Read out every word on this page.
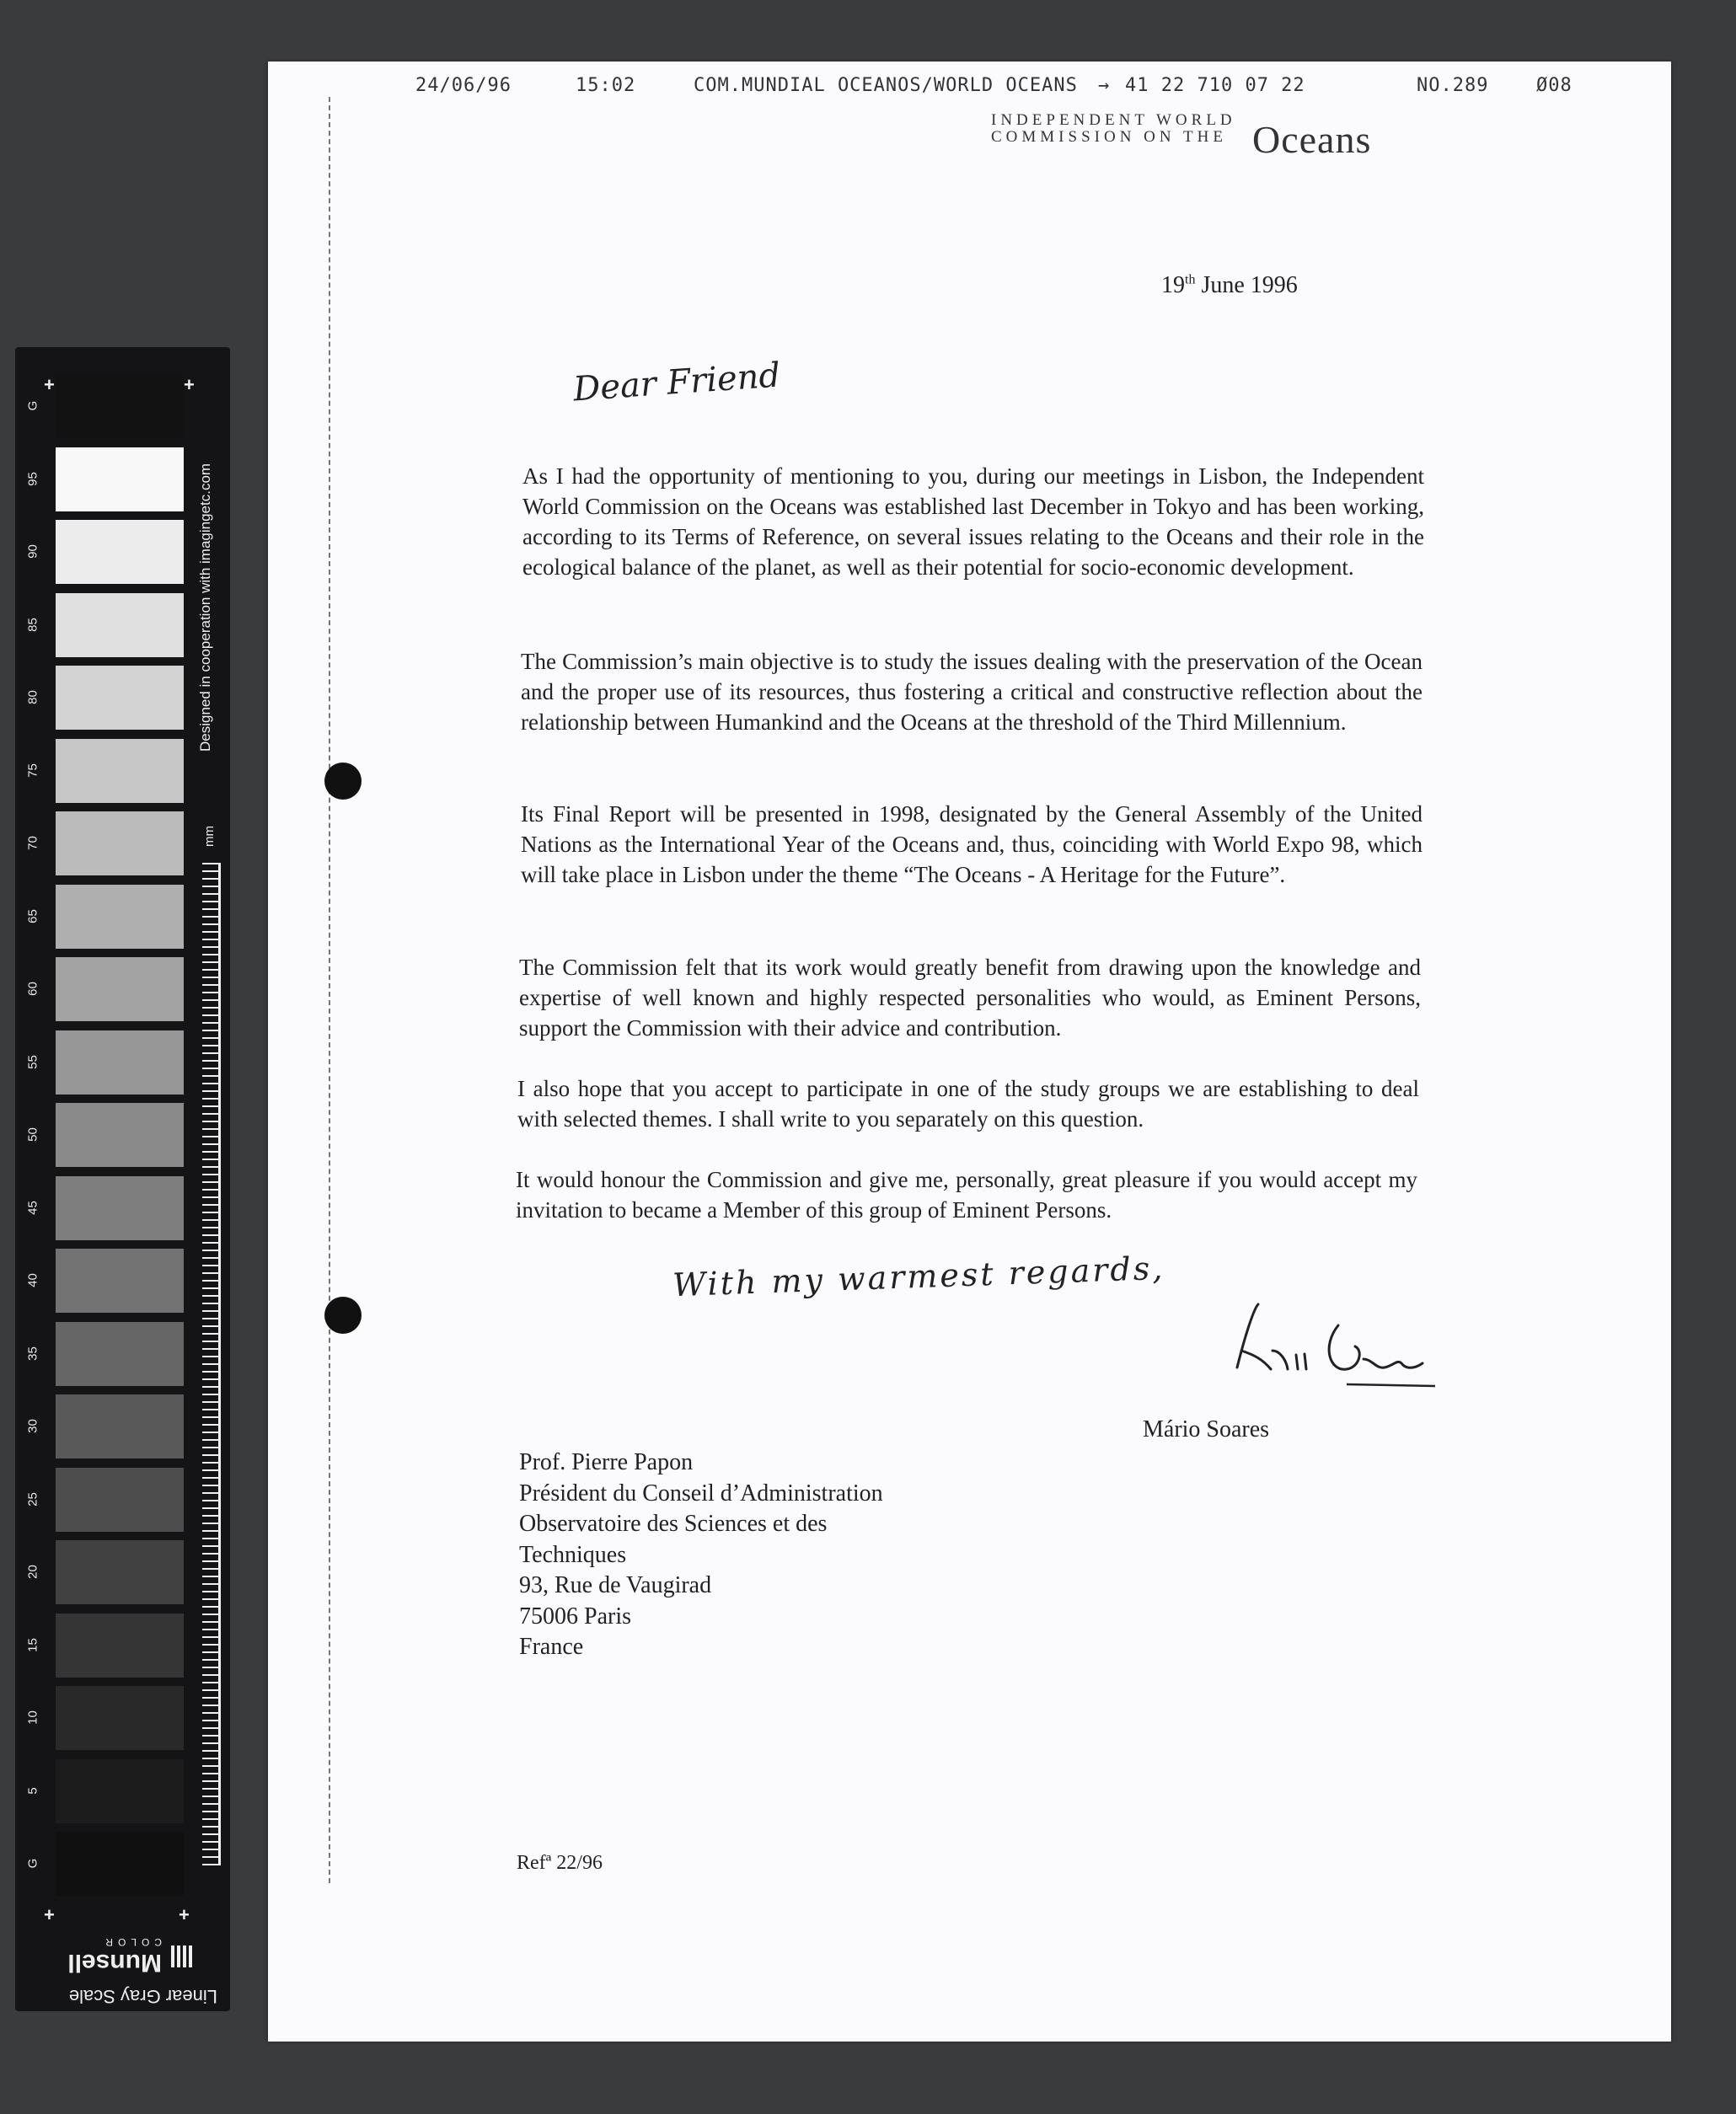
+	+
+	+
mm
Designed in cooperation with imagingetc.com
Linear Gray Scale
Munsell
COLOR
G
95
90
85
80
75
70
65
60
55
50
45
40
35
30
25
20
15
10
5
G
24/06/96	15:02	COM.MUNDIAL OCEANOS/WORLD OCEANS → 41 22 710 07 22	NO.289	Ø08
INDEPENDENT WORLD
COMMISSION ON THE Oceans
19th June 1996
Dear Friend

As I had the opportunity of mentioning to you, during our meetings in Lisbon, the Independent World Commission on the Oceans was established last December in Tokyo and has been working, according to its Terms of Reference, on several issues relating to the Oceans and their role in the ecological balance of the planet, as well as their potential for socio-economic development.

The Commission’s main objective is to study the issues dealing with the preservation of the Ocean and the proper use of its resources, thus fostering a critical and constructive reflection about the relationship between Humankind and the Oceans at the threshold of the Third Millennium.

Its Final Report will be presented in 1998, designated by the General Assembly of the United Nations as the International Year of the Oceans and, thus, coinciding with World Expo 98, which will take place in Lisbon under the theme “The Oceans - A Heritage for the Future”.

The Commission felt that its work would greatly benefit from drawing upon the knowledge and expertise of well known and highly respected personalities who would, as Eminent Persons, support the Commission with their advice and contribution.

I also hope that you accept to participate in one of the study groups we are establishing to deal with selected themes. I shall write to you separately on this question.

It would honour the Commission and give me, personally, great pleasure if you would accept my invitation to became a Member of this group of Eminent Persons.

With my warmest regards,
Mário Soares
Prof. Pierre Papon
Président du Conseil d’Administration
Observatoire des Sciences et des
Techniques
93, Rue de Vaugirad
75006 Paris
France
Refª 22/96
